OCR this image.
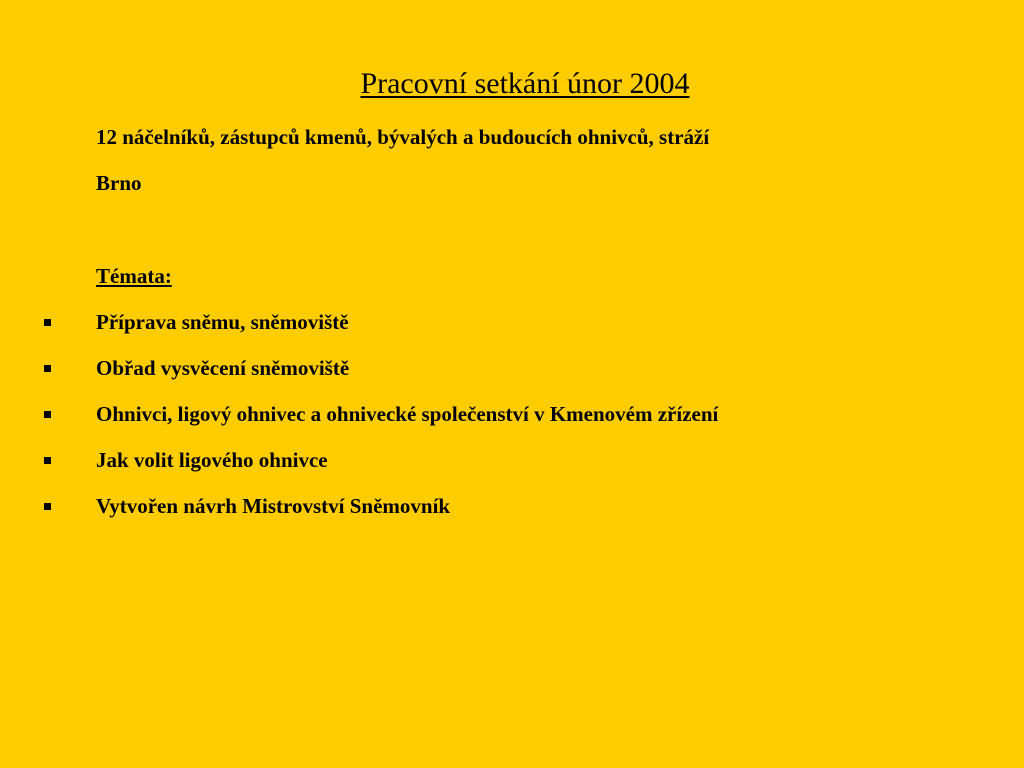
Pracovní setkání únor 2004
12 náčelníků, zástupců kmenů, bývalých a budoucích ohnivců, stráží
Brno
Témata:
Příprava sněmu, sněmoviště
Obřad vysvěcení sněmoviště
Ohnivci, ligový ohnivec a ohnivecké společenství v Kmenovém zřízení
Jak volit ligového ohnivce
Vytvořen návrh Mistrovství Sněmovník
